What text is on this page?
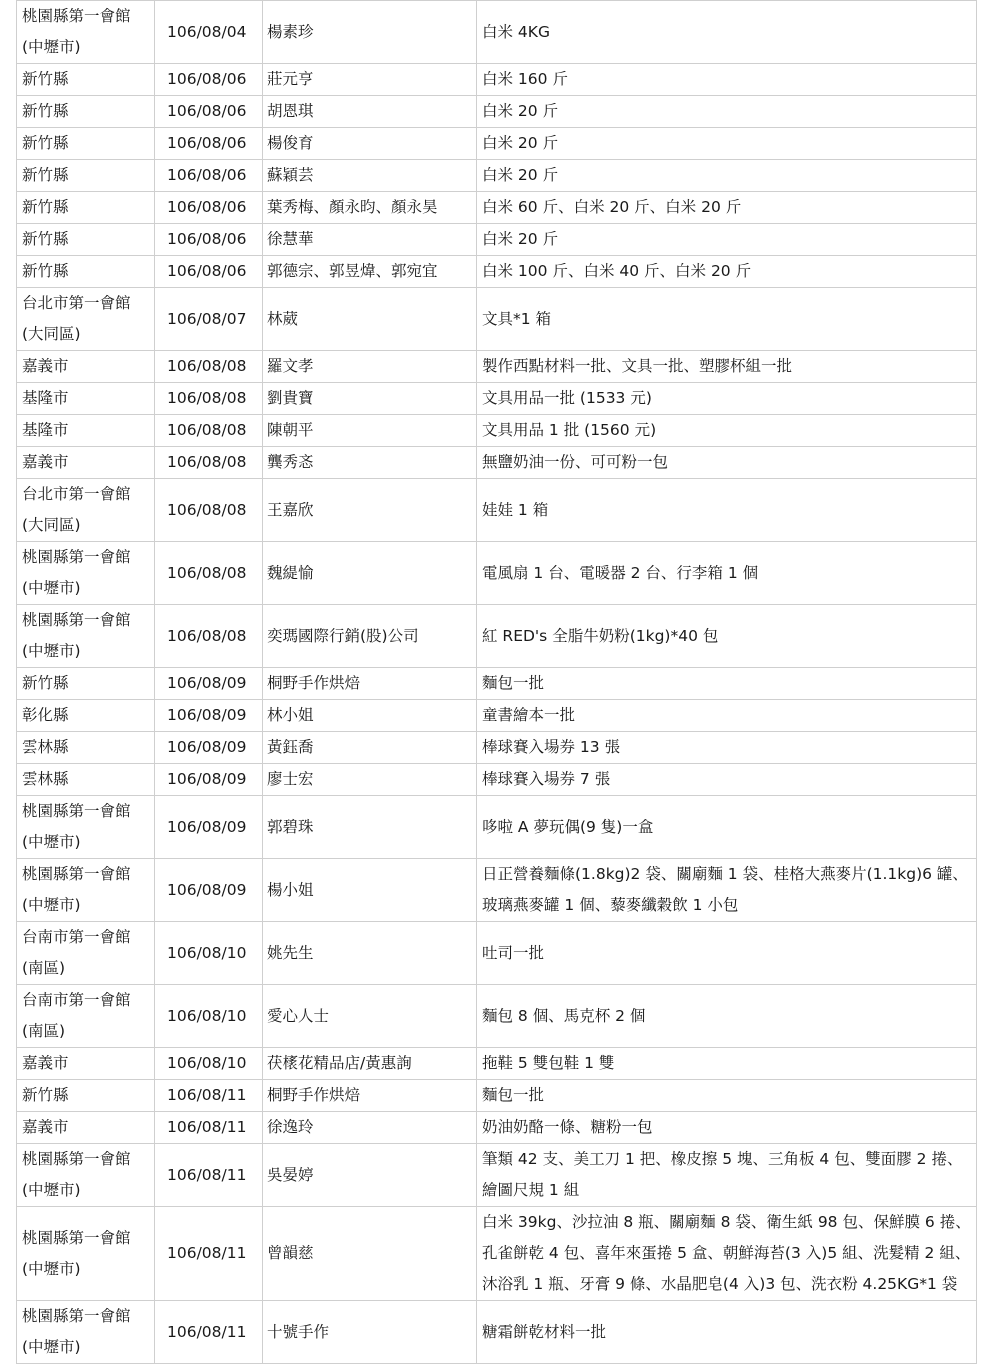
桃園縣第一會館(中壢市)	106/08/04	楊素珍	白米 4KG
新竹縣	106/08/06	莊元亨	白米 160 斤
新竹縣	106/08/06	胡恩琪	白米 20 斤
新竹縣	106/08/06	楊俊育	白米 20 斤
新竹縣	106/08/06	蘇穎芸	白米 20 斤
新竹縣	106/08/06	葉秀梅、顏永昀、顏永昊	白米 60 斤、白米 20 斤、白米 20 斤
新竹縣	106/08/06	徐慧華	白米 20 斤
新竹縣	106/08/06	郭德宗、郭昱煒、郭宛宜	白米 100 斤、白米 40 斤、白米 20 斤
台北市第一會館(大同區)	106/08/07	林葳	文具*1 箱
嘉義市	106/08/08	羅文孝	製作西點材料一批、文具一批、塑膠杯組一批
基隆市	106/08/08	劉貴寶	文具用品一批 (1533 元)
基隆市	106/08/08	陳朝平	文具用品 1 批 (1560 元)
嘉義市	106/08/08	龔秀忞	無鹽奶油一份、可可粉一包
台北市第一會館(大同區)	106/08/08	王嘉欣	娃娃 1 箱
桃園縣第一會館(中壢市)	106/08/08	魏緹愉	電風扇 1 台、電暖器 2 台、行李箱 1 個
桃園縣第一會館(中壢市)	106/08/08	奕瑪國際行銷(股)公司	紅 RED's 全脂牛奶粉(1kg)*40 包
新竹縣	106/08/09	桐野手作烘焙	麵包一批
彰化縣	106/08/09	林小姐	童書繪本一批
雲林縣	106/08/09	黃鈺喬	棒球賽入場券 13 張
雲林縣	106/08/09	廖士宏	棒球賽入場券 7 張
桃園縣第一會館(中壢市)	106/08/09	郭碧珠	哆啦 A 夢玩偶(9 隻)一盒
桃園縣第一會館(中壢市)	106/08/09	楊小姐	日正營養麵條(1.8kg)2 袋、關廟麵 1 袋、桂格大燕麥片(1.1kg)6 罐、玻璃燕麥罐 1 個、藜麥纖穀飲 1 小包
台南市第一會館(南區)	106/08/10	姚先生	吐司一批
台南市第一會館(南區)	106/08/10	愛心人士	麵包 8 個、馬克杯 2 個
嘉義市	106/08/10	茯橠花精品店/黃惠詢	拖鞋 5 雙包鞋 1 雙
新竹縣	106/08/11	桐野手作烘焙	麵包一批
嘉義市	106/08/11	徐逸玲	奶油奶酪一條、糖粉一包
桃園縣第一會館(中壢市)	106/08/11	吳晏婷	筆類 42 支、美工刀 1 把、橡皮擦 5 塊、三角板 4 包、雙面膠 2 捲、繪圖尺規 1 組
桃園縣第一會館(中壢市)	106/08/11	曾韻慈	白米 39kg、沙拉油 8 瓶、關廟麵 8 袋、衛生紙 98 包、保鮮膜 6 捲、孔雀餅乾 4 包、喜年來蛋捲 5 盒、朝鮮海苔(3 入)5 組、洗髮精 2 組、沐浴乳 1 瓶、牙膏 9 條、水晶肥皂(4 入)3 包、洗衣粉 4.25KG*1 袋
桃園縣第一會館(中壢市)	106/08/11	十號手作	糖霜餅乾材料一批
